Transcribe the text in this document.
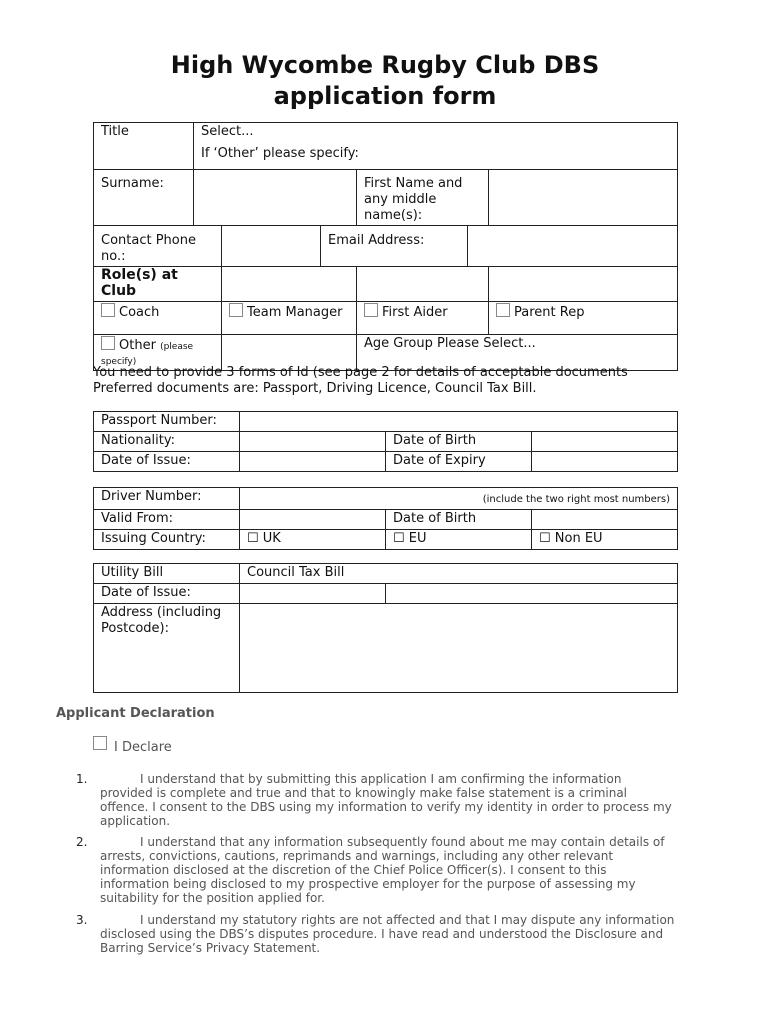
High Wycombe Rugby Club DBS
application form
Title	Select...
If ‘Other’ please specify:					

Surname:				First Name and any middle name(s):		
Contact Phone no.:			Email Address:			
Role(s) at Club						
Coach		Team Manager		First Aider		Parent Rep
Other (please specify)				Age Group Please Select...		
You need to provide 3 forms of Id (see page 2 for details of acceptable documents
Preferred documents are: Passport, Driving Licence, Council Tax Bill.
Passport Number:			
Nationality:		Date of Birth	
Date of Issue:		Date of Expiry	
Driver Number:	(include the two right most numbers)		

Valid From:		Date of Birth	
Issuing Country:	☐ UK	☐ EU	☐ Non EU
Utility Bill	Council Tax Bill	
Date of Issue:		
Address (including Postcode):		
Applicant Declaration
I Declare
1.	I understand that by submitting this application I am confirming the information provided is complete and true and that to knowingly make false statement is a criminal offence. I consent to the DBS using my information to verify my identity in order to process my application.
2.	I understand that any information subsequently found about me may contain details of arrests, convictions, cautions, reprimands and warnings, including any other relevant information disclosed at the discretion of the Chief Police Officer(s). I consent to this information being disclosed to my prospective employer for the purpose of assessing my suitability for the position applied for.
3.	I understand my statutory rights are not affected and that I may dispute any information disclosed using the DBS’s disputes procedure. I have read and understood the Disclosure and Barring Service’s Privacy Statement.
